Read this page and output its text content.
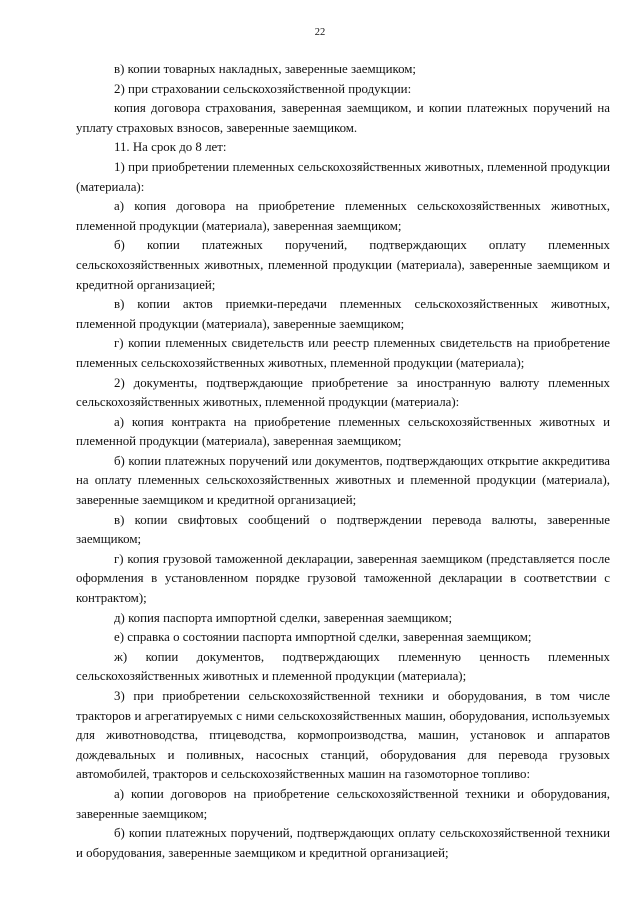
22

в) копии товарных накладных, заверенные заемщиком;

2) при страховании сельскохозяйственной продукции:

копия договора страхования, заверенная заемщиком, и копии платежных поручений на уплату страховых взносов, заверенные заемщиком.

11. На срок до 8 лет:

1) при приобретении племенных сельскохозяйственных животных, племенной продукции (материала):

а) копия договора на приобретение племенных сельскохозяйственных животных, племенной продукции (материала), заверенная заемщиком;

б) копии платежных поручений, подтверждающих оплату племенных сельскохозяйственных животных, племенной продукции (материала), заверенные заемщиком и кредитной организацией;

в) копии актов приемки-передачи племенных сельскохозяйственных животных, племенной продукции (материала), заверенные заемщиком;

г) копии племенных свидетельств или реестр племенных свидетельств на приобретение племенных сельскохозяйственных животных, племенной продукции (материала);

2) документы, подтверждающие приобретение за иностранную валюту племенных сельскохозяйственных животных, племенной продукции (материала):

а) копия контракта на приобретение племенных сельскохозяйственных животных и племенной продукции (материала), заверенная заемщиком;

б) копии платежных поручений или документов, подтверждающих открытие аккредитива на оплату племенных сельскохозяйственных животных и племенной продукции (материала), заверенные заемщиком и кредитной организацией;

в) копии свифтовых сообщений о подтверждении перевода валюты, заверенные заемщиком;

г) копия грузовой таможенной декларации, заверенная заемщиком (представляется после оформления в установленном порядке грузовой таможенной декларации в соответствии с контрактом);

д) копия паспорта импортной сделки, заверенная заемщиком;

е) справка о состоянии паспорта импортной сделки, заверенная заемщиком;

ж) копии документов, подтверждающих племенную ценность племенных сельскохозяйственных животных и племенной продукции (материала);

3) при приобретении сельскохозяйственной техники и оборудования, в том числе тракторов и агрегатируемых с ними сельскохозяйственных машин, оборудования, используемых для животноводства, птицеводства, кормопроизводства, машин, установок и аппаратов дождевальных и поливных, насосных станций, оборудования для перевода грузовых автомобилей, тракторов и сельскохозяйственных машин на газомоторное топливо:

а) копии договоров на приобретение сельскохозяйственной техники и оборудования, заверенные заемщиком;

б) копии платежных поручений, подтверждающих оплату сельскохозяйственной техники и оборудования, заверенные заемщиком и кредитной организацией;
